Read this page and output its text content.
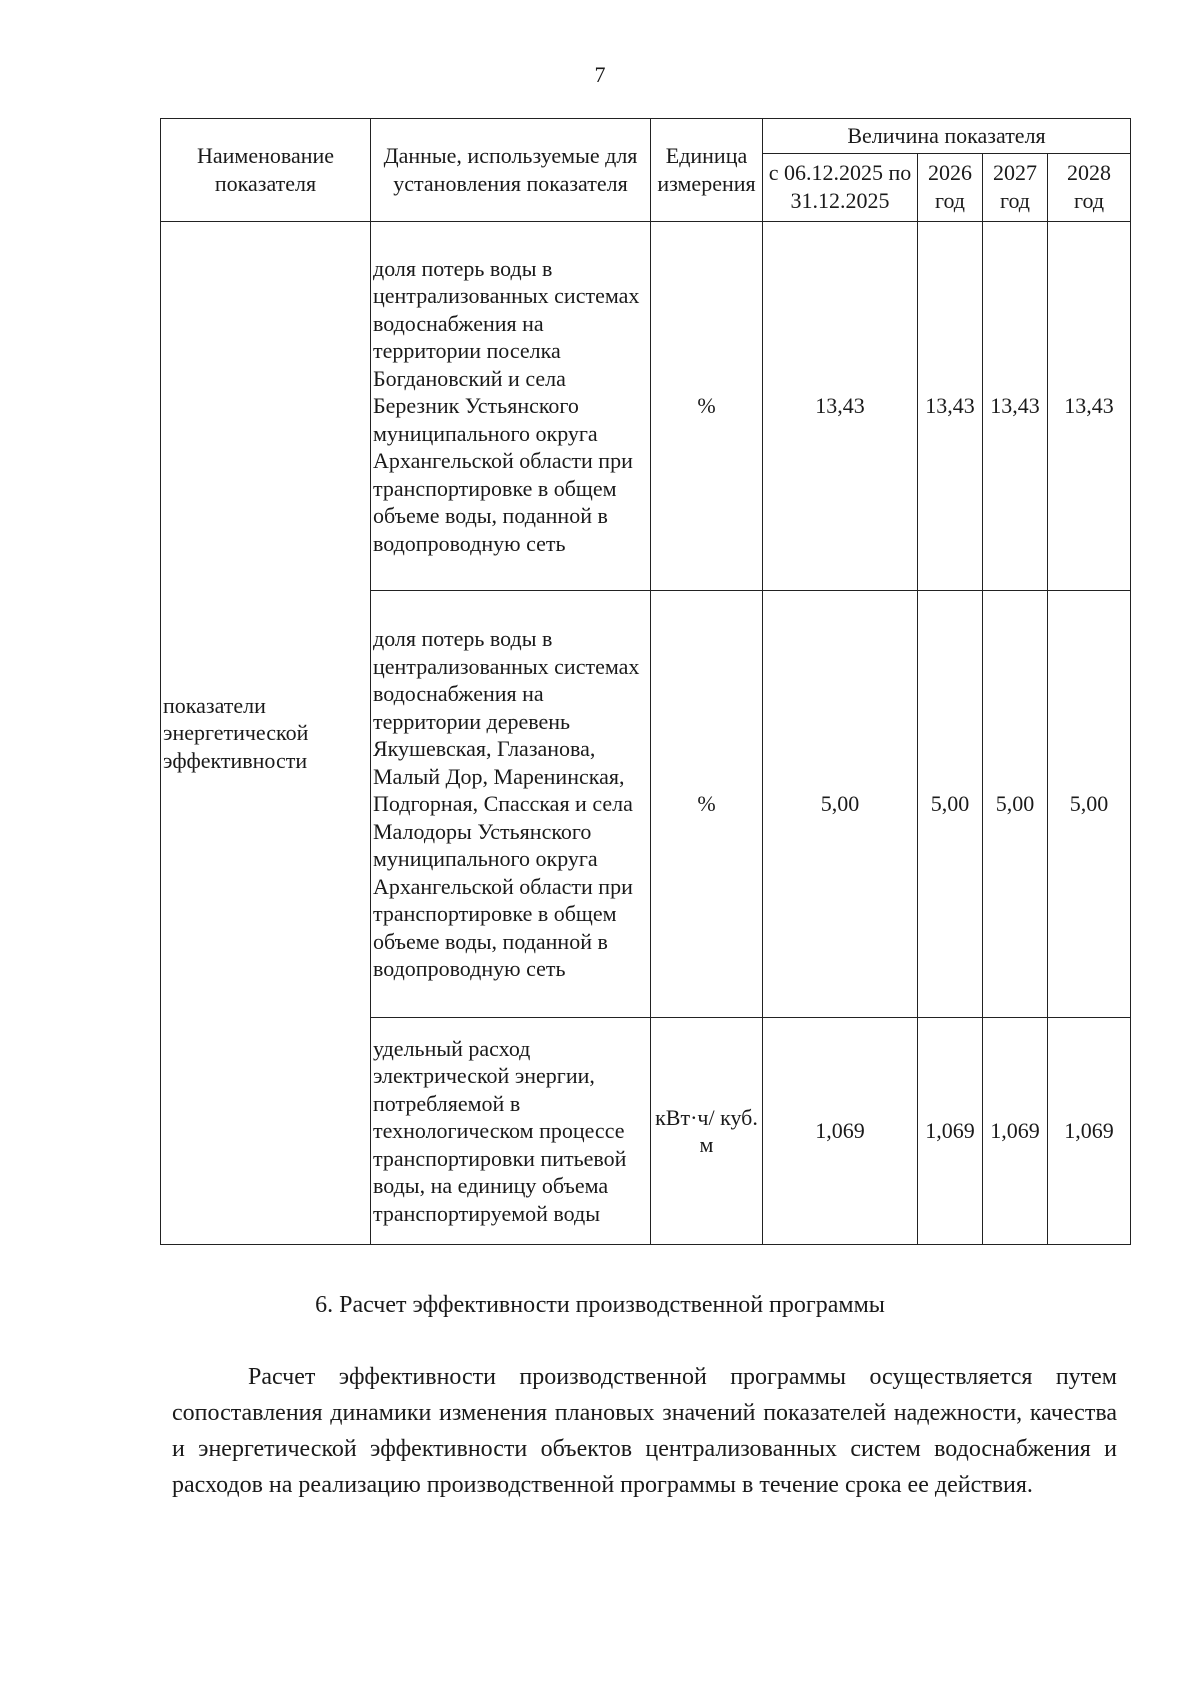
7
Наименование показателя	Данные, используемые для установления показателя	Единица измерения	Величина показателя			
			с 06.12.2025 по 31.12.2025	2026 год	2027 год	2028 год
показатели энергетической эффективности	доля потерь воды в централизованных системах водоснабжения на территории поселка Богдановский и села Березник Устьянского муниципального округа Архангельской области при транспортировке в общем объеме воды, поданной в водопроводную сеть	%	13,43	13,43	13,43	13,43
	доля потерь воды в централизованных системах водоснабжения на территории деревень Якушевская, Глазанова, Малый Дор, Маренинская, Подгорная, Спасская и села Малодоры Устьянского муниципального округа Архангельской области при транспортировке в общем объеме воды, поданной в водопроводную сеть	%	5,00	5,00	5,00	5,00
	удельный расход электрической энергии, потребляемой в технологическом процессе транспортировки питьевой воды, на единицу объема транспортируемой воды	кВт·ч/ куб. м	1,069	1,069	1,069	1,069
6. Расчет эффективности производственной программы

Расчет эффективности производственной программы осуществляется путем сопоставления динамики изменения плановых значений показателей надежности, качества и энергетической эффективности объектов централизованных систем водоснабжения и расходов на реализацию производственной программы в течение срока ее действия.
